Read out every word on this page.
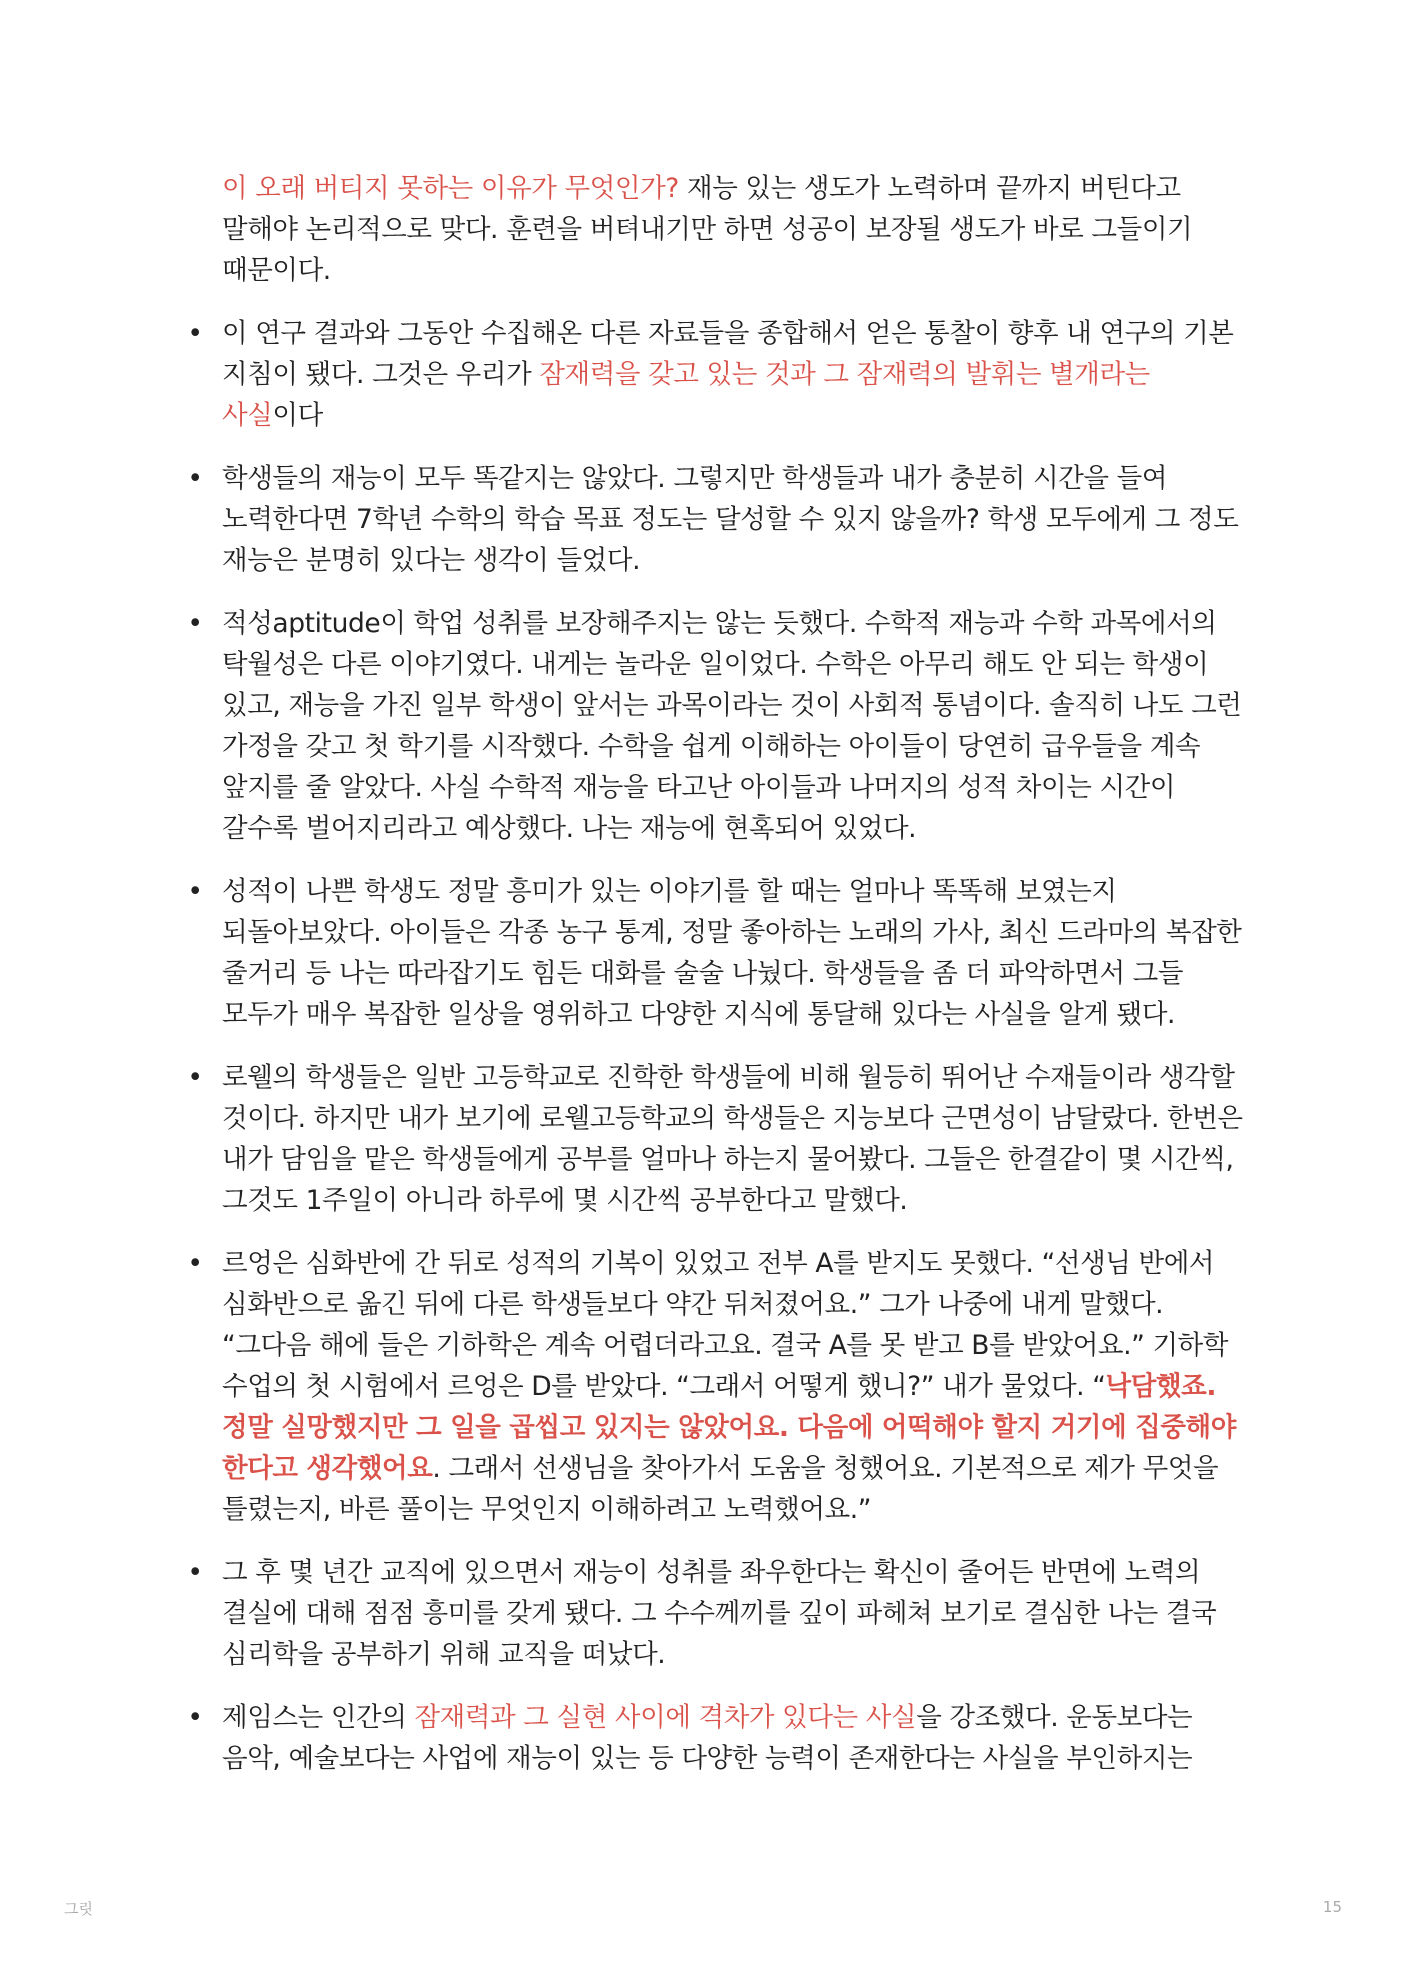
이 오래 버티지 못하는 이유가 무엇인가? 재능 있는 생도가 노력하며 끝까지 버틴다고 말해야 논리적으로 맞다. 훈련을 버텨내기만 하면 성공이 보장될 생도가 바로 그들이기 때문이다.
• 이 연구 결과와 그동안 수집해온 다른 자료들을 종합해서 얻은 통찰이 향후 내 연구의 기본 지침이 됐다. 그것은 우리가 잠재력을 갖고 있는 것과 그 잠재력의 발휘는 별개라는 사실이다
• 학생들의 재능이 모두 똑같지는 않았다. 그렇지만 학생들과 내가 충분히 시간을 들여 노력한다면 7학년 수학의 학습 목표 정도는 달성할 수 있지 않을까? 학생 모두에게 그 정도 재능은 분명히 있다는 생각이 들었다.
• 적성aptitude이 학업 성취를 보장해주지는 않는 듯했다. 수학적 재능과 수학 과목에서의 탁월성은 다른 이야기였다. 내게는 놀라운 일이었다. 수학은 아무리 해도 안 되는 학생이 있고, 재능을 가진 일부 학생이 앞서는 과목이라는 것이 사회적 통념이다. 솔직히 나도 그런 가정을 갖고 첫 학기를 시작했다. 수학을 쉽게 이해하는 아이들이 당연히 급우들을 계속 앞지를 줄 알았다. 사실 수학적 재능을 타고난 아이들과 나머지의 성적 차이는 시간이 갈수록 벌어지리라고 예상했다. 나는 재능에 현혹되어 있었다.
• 성적이 나쁜 학생도 정말 흥미가 있는 이야기를 할 때는 얼마나 똑똑해 보였는지 되돌아보았다. 아이들은 각종 농구 통계, 정말 좋아하는 노래의 가사, 최신 드라마의 복잡한 줄거리 등 나는 따라잡기도 힘든 대화를 술술 나눴다. 학생들을 좀 더 파악하면서 그들 모두가 매우 복잡한 일상을 영위하고 다양한 지식에 통달해 있다는 사실을 알게 됐다.
• 로웰의 학생들은 일반 고등학교로 진학한 학생들에 비해 월등히 뛰어난 수재들이라 생각할 것이다. 하지만 내가 보기에 로웰고등학교의 학생들은 지능보다 근면성이 남달랐다. 한번은 내가 담임을 맡은 학생들에게 공부를 얼마나 하는지 물어봤다. 그들은 한결같이 몇 시간씩, 그것도 1주일이 아니라 하루에 몇 시간씩 공부한다고 말했다.
• 르엉은 심화반에 간 뒤로 성적의 기복이 있었고 전부 A를 받지도 못했다. “선생님 반에서 심화반으로 옮긴 뒤에 다른 학생들보다 약간 뒤처졌어요.” 그가 나중에 내게 말했다. “그다음 해에 들은 기하학은 계속 어렵더라고요. 결국 A를 못 받고 B를 받았어요.” 기하학 수업의 첫 시험에서 르엉은 D를 받았다. “그래서 어떻게 했니?” 내가 물었다. “낙담했죠. 정말 실망했지만 그 일을 곱씹고 있지는 않았어요. 다음에 어떡해야 할지 거기에 집중해야 한다고 생각했어요. 그래서 선생님을 찾아가서 도움을 청했어요. 기본적으로 제가 무엇을 틀렸는지, 바른 풀이는 무엇인지 이해하려고 노력했어요.”
• 그 후 몇 년간 교직에 있으면서 재능이 성취를 좌우한다는 확신이 줄어든 반면에 노력의 결실에 대해 점점 흥미를 갖게 됐다. 그 수수께끼를 깊이 파헤쳐 보기로 결심한 나는 결국 심리학을 공부하기 위해 교직을 떠났다.
• 제임스는 인간의 잠재력과 그 실현 사이에 격차가 있다는 사실을 강조했다. 운동보다는 음악, 예술보다는 사업에 재능이 있는 등 다양한 능력이 존재한다는 사실을 부인하지는
그릿	15
